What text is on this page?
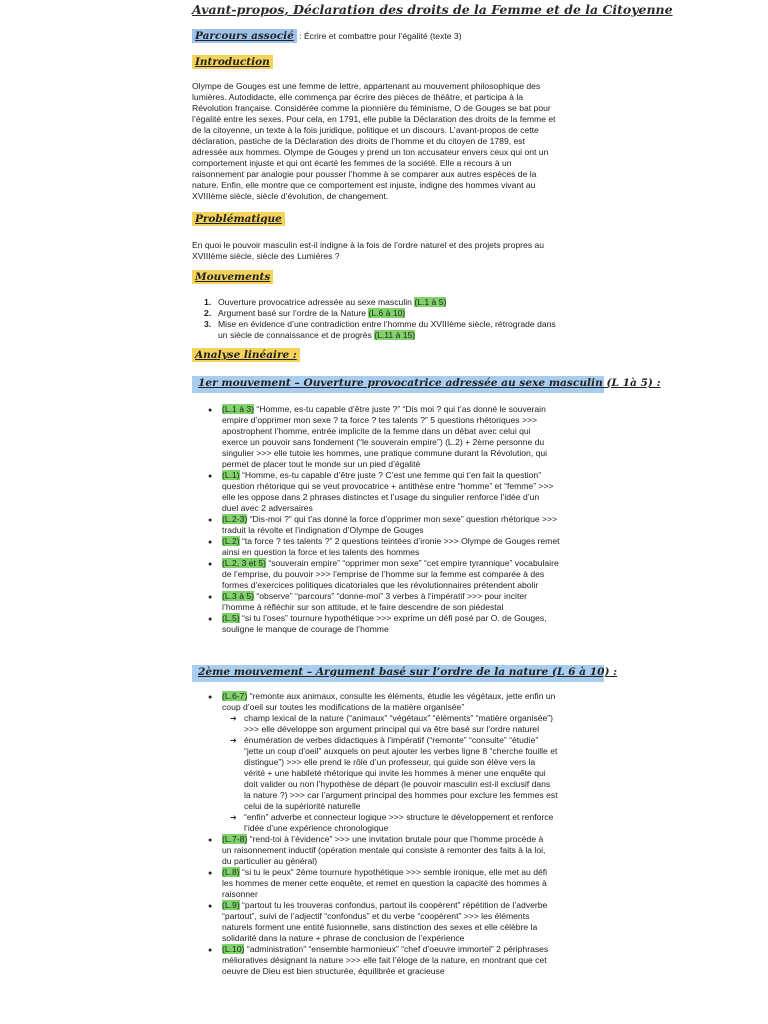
Avant-propos, Déclaration des droits de la Femme et de la Citoyenne
Parcours associé : Écrire et combattre pour l’égalité (texte 3)
Introduction
Olympe de Gouges est une femme de lettre, appartenant au mouvement philosophique des
lumières. Autodidacte, elle commença par écrire des pièces de théâtre, et participa à la
Révolution française. Considérée comme la pionnière du féminisme, O de Gouges se bat pour
l’égalité entre les sexes. Pour cela, en 1791, elle publie la Déclaration des droits de la femme et
de la citoyenne, un texte à la fois juridique, politique et un discours. L’avant-propos de cette
déclaration, pastiche de la Déclaration des droits de l’homme et du citoyen de 1789, est
adressée aux hommes. Olympe de Gouges y prend un ton accusateur envers ceux qui ont un
comportement injuste et qui ont écarté les femmes de la société. Elle a recours à un
raisonnement par analogie pour pousser l’homme à se comparer aux autres espèces de la
nature. Enfin, elle montre que ce comportement est injuste, indigne des hommes vivant au
XVIIIème siècle, siècle d’évolution, de changement.
Problématique
En quoi le pouvoir masculin est-il indigne à la fois de l’ordre naturel et des projets propres au
XVIIIème siècle, siècle des Lumières ?
Mouvements
1. Ouverture provocatrice adressée au sexe masculin (L.1 à 5)
2. Argument basé sur l’ordre de la Nature (L.6 à 10)
3. Mise en évidence d’une contradiction entre l’homme du XVIIIème siècle, rétrograde dans
un siècle de connaissance et de progrès (L.11 à 15)
Analyse linéaire :
1er mouvement – Ouverture provocatrice adressée au sexe masculin (L 1à 5) :
● (L.1 à 3) “Homme, es-tu capable d’être juste ?” “Dis moi ? qui t’as donné le souverain
empire d’opprimer mon sexe ? ta force ? tes talents ?” 5 questions rhétoriques >>>
apostrophent l’homme, entrée implicite de la femme dans un débat avec celui qui
exerce un pouvoir sans fondement (“le souverain empire”) (L.2) + 2ème personne du
singulier >>> elle tutoie les hommes, une pratique commune durant la Révolution, qui
permet de placer tout le monde sur un pied d’égalité
● (L.1) “Homme, es-tu capable d’être juste ? C’est une femme qui t’en fait la question”
question rhétorique qui se veut provocatrice + antithèse entre “homme” et “femme” >>>
elle les oppose dans 2 phrases distinctes et l’usage du singulier renforce l’idée d’un
duel avec 2 adversaires
● (L.2-3) “Dis-moi ?” qui t’as donné la force d’opprimer mon sexe” question rhétorique >>>
traduit la révolte et l’indignation d’Olympe de Gouges
● (L.2) “ta force ? tes talents ?” 2 questions teintées d’ironie >>> Olympe de Gouges remet
ainsi en question la force et les talents des hommes
● (L.2, 3 et 5) “souverain empire” “opprimer mon sexe” “cet empire tyrannique” vocabulaire
de l’emprise, du pouvoir >>> l’emprise de l’homme sur la femme est comparée à des
formes d’exercices politiques dicatoriales que les révolutionnaires prétendent abolir
● (L.3 à 5) “observe” “parcours” “donne-moi” 3 verbes à l’impératif >>> pour inciter
l’homme à réfléchir sur son attitude, et le faire descendre de son piédestal
● (L.5) “si tu l’oses” tournure hypothétique >>> exprime un défi posé par O. de Gouges,
souligne le manque de courage de l’homme
2ème mouvement – Argument basé sur l’ordre de la nature (L 6 à 10) :
● (L.6-7) “remonte aux animaux, consulte les éléments, étudie les végétaux, jette enfin un
coup d’oeil sur toutes les modifications de la matière organisée”
➔ champ lexical de la nature (“animaux” “végétaux” “éléments” “matière organisée”)
>>> elle développe son argument principal qui va être basé sur l’ordre naturel
➔ énumération de verbes didactiques à l’impératif (“remonte” “consulte” “étudie”
“jette un coup d’oeil” auxquels on peut ajouter les verbes ligne 8 “cherche fouille et
distingue”) >>> elle prend le rôle d’un professeur, qui guide son élève vers la
vérité + une habileté rhétorique qui invite les hommes à mener une enquête qui
doit valider ou non l’hypothèse de départ (le pouvoir masculin est-il exclusif dans
la nature ?) >>> car l’argument principal des hommes pour exclure les femmes est
celui de la supériorité naturelle
➔ “enfin” adverbe et connecteur logique >>> structure le développement et renforce
l’idée d’une expérience chronologique
● (L.7-8) “rend-toi à l’évidence” >>> une invitation brutale pour que l’homme procède à
un raisonnement inductif (opération mentale qui consiste à remonter des faits à la loi,
du particulier au général)
● (L.8) “si tu le peux” 2ème tournure hypothétique >>> semble ironique, elle met au défi
les hommes de mener cette enquête, et remet en question la capacité des hommes à
raisonner
● (L.9) “partout tu les trouveras confondus, partout ils coopèrent” répétition de l’adverbe
“partout”, suivi de l’adjectif “confondus” et du verbe “coopèrent” >>> les éléments
naturels forment une entité fusionnelle, sans distinction des sexes et elle célèbre la
solidarité dans la nature + phrase de conclusion de l’expérience
● (L.10) “administration” “ensemble harmonieux” “chef d’oeuvre immortel” 2 périphrases
mélioratives désignant la nature >>> elle fait l’éloge de la nature, en montrant que cet
oeuvre de Dieu est bien structurée, équilibrée et gracieuse
